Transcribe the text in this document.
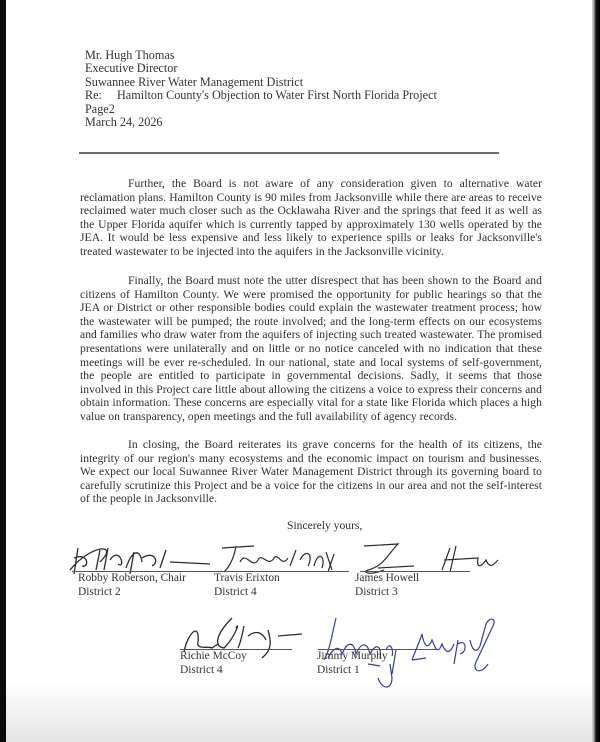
Mr. Hugh Thomas
Executive Director
Suwannee River Water Management District
Re: Hamilton County's Objection to Water First North Florida Project
Page2
March 24, 2026

Further, the Board is not aware of any consideration given to alternative water reclamation plans. Hamilton County is 90 miles from Jacksonville while there are areas to receive reclaimed water much closer such as the Ocklawaha River and the springs that feed it as well as the Upper Florida aquifer which is currently tapped by approximately 130 wells operated by the JEA. It would be less expensive and less likely to experience spills or leaks for Jacksonville's treated wastewater to be injected into the aquifers in the Jacksonville vicinity.

Finally, the Board must note the utter disrespect that has been shown to the Board and citizens of Hamilton County. We were promised the opportunity for public hearings so that the JEA or District or other responsible bodies could explain the wastewater treatment process; how the wastewater will be pumped; the route involved; and the long-term effects on our ecosystems and families who draw water from the aquifers of injecting such treated wastewater. The promised presentations were unilaterally and on little or no notice canceled with no indication that these meetings will be ever re-scheduled. In our national, state and local systems of self-government, the people are entitled to participate in governmental decisions. Sadly, it seems that those involved in this Project care little about allowing the citizens a voice to express their concerns and obtain information. These concerns are especially vital for a state like Florida which places a high value on transparency, open meetings and the full availability of agency records.

In closing, the Board reiterates its grave concerns for the health of its citizens, the integrity of our region's many ecosystems and the economic impact on tourism and businesses. We expect our local Suwannee River Water Management District through its governing board to carefully scrutinize this Project and be a voice for the citizens in our area and not the self-interest of the people in Jacksonville.

Sincerely yours,
Robby Roberson, Chair
District 2
Travis Erixton
District 4
James Howell
District 3
Richie McCoy
District 4
Jimmy Murphy
District 1
